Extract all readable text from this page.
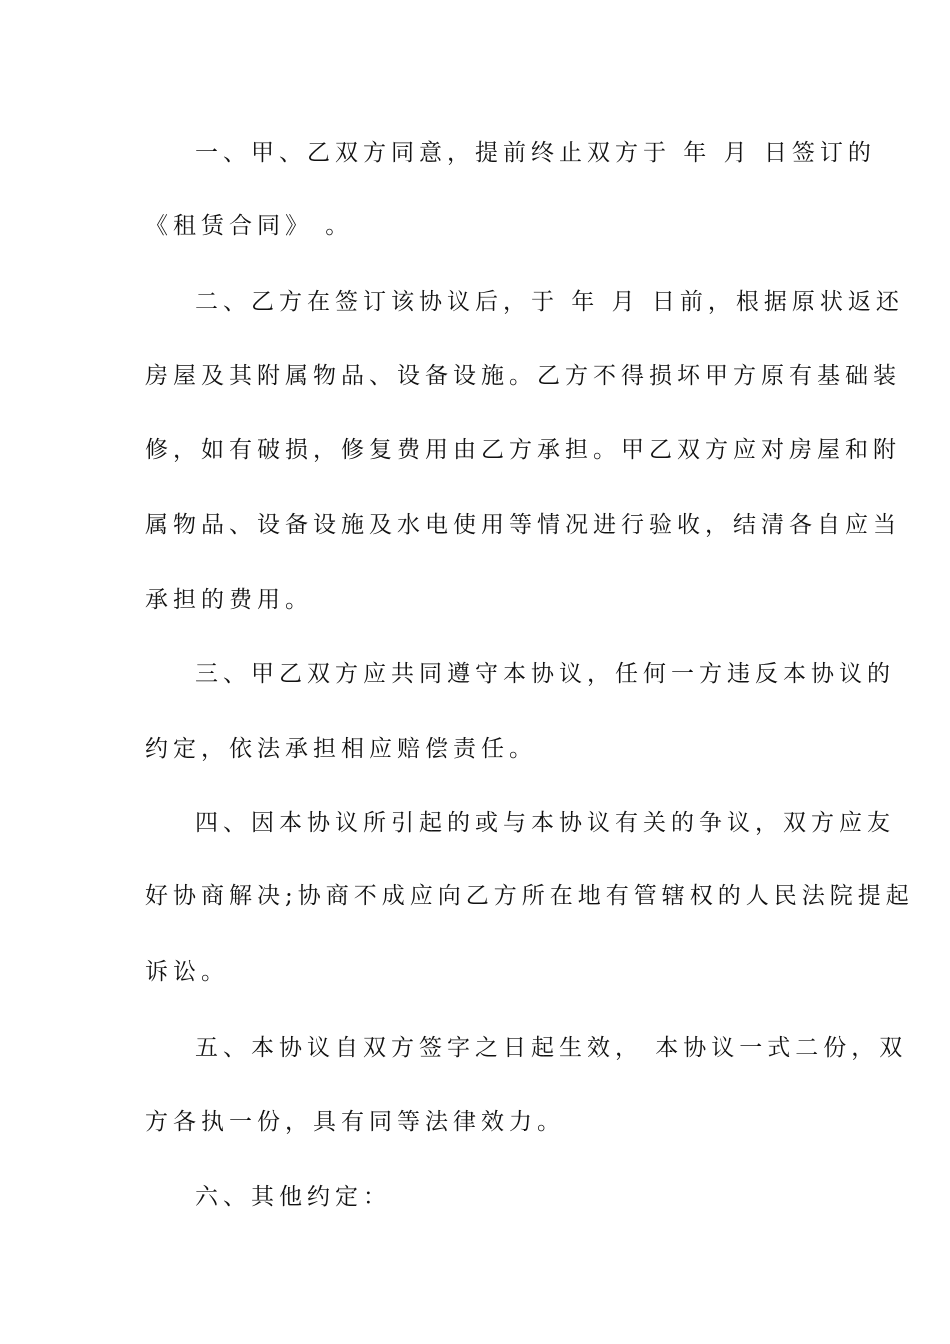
一、甲、乙双方同意，提前终止双方于 年 月 日签订的
《租赁合同》 。
二、乙方在签订该协议后，于 年 月 日前，根据原状返还
房屋及其附属物品、设备设施。乙方不得损坏甲方原有基础装
修，如有破损，修复费用由乙方承担。甲乙双方应对房屋和附
属物品、设备设施及水电使用等情况进行验收，结清各自应当
承担的费用。
三、甲乙双方应共同遵守本协议，任何一方违反本协议的
约定，依法承担相应赔偿责任。
四、因本协议所引起的或与本协议有关的争议，双方应友
好协商解决;协商不成应向乙方所在地有管辖权的人民法院提起
诉讼。
五、本协议自双方签字之日起生效， 本协议一式二份，双
方各执一份，具有同等法律效力。
六、其他约定：
